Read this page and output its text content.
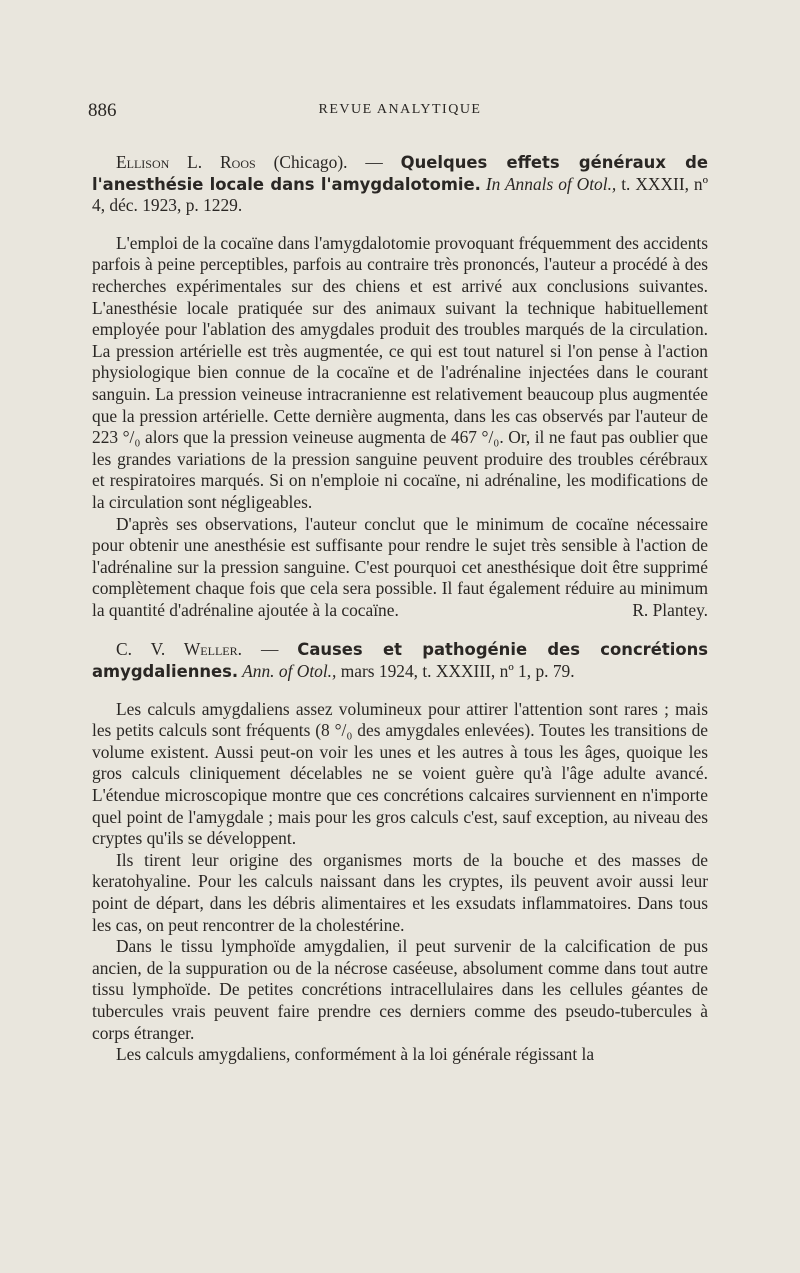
886	REVUE ANALYTIQUE
Ellison L. Roos (Chicago). — Quelques effets généraux de l'anesthésie locale dans l'amygdalotomie. In Annals of Otol., t. XXXII, nº 4, déc. 1923, p. 1229.

L'emploi de la cocaïne dans l'amygdalotomie provoquant fréquemment des accidents parfois à peine perceptibles, parfois au contraire très prononcés, l'auteur a procédé à des recherches expérimentales sur des chiens et est arrivé aux conclusions suivantes. L'anesthésie locale pratiquée sur des animaux suivant la technique habituellement employée pour l'ablation des amygdales produit des troubles marqués de la circulation. La pression artérielle est très augmentée, ce qui est tout naturel si l'on pense à l'action physiologique bien connue de la cocaïne et de l'adrénaline injectées dans le courant sanguin. La pression veineuse intracranienne est relativement beaucoup plus augmentée que la pression artérielle. Cette dernière augmenta, dans les cas observés par l'auteur de 223 °/₀ alors que la pression veineuse augmenta de 467 °/₀. Or, il ne faut pas oublier que les grandes variations de la pression sanguine peuvent produire des troubles cérébraux et respiratoires marqués. Si on n'emploie ni cocaïne, ni adrénaline, les modifications de la circulation sont négligeables.

D'après ses observations, l'auteur conclut que le minimum de cocaïne nécessaire pour obtenir une anesthésie est suffisante pour rendre le sujet très sensible à l'action de l'adrénaline sur la pression sanguine. C'est pourquoi cet anesthésique doit être supprimé complètement chaque fois que cela sera possible. Il faut également réduire au minimum la quantité d'adrénaline ajoutée à la cocaïne.	R. Plantey.

C. V. Weller. — Causes et pathogénie des concrétions amygdaliennes. Ann. of Otol., mars 1924, t. XXXIII, nº 1, p. 79.

Les calculs amygdaliens assez volumineux pour attirer l'attention sont rares ; mais les petits calculs sont fréquents (8 °/₀ des amygdales enlevées). Toutes les transitions de volume existent. Aussi peut-on voir les unes et les autres à tous les âges, quoique les gros calculs cliniquement décelables ne se voient guère qu'à l'âge adulte avancé. L'étendue microscopique montre que ces concrétions calcaires surviennent en n'importe quel point de l'amygdale ; mais pour les gros calculs c'est, sauf exception, au niveau des cryptes qu'ils se développent.

Ils tirent leur origine des organismes morts de la bouche et des masses de keratohyaline. Pour les calculs naissant dans les cryptes, ils peuvent avoir aussi leur point de départ, dans les débris alimentaires et les exsudats inflammatoires. Dans tous les cas, on peut rencontrer de la cholestérine.

Dans le tissu lymphoïde amygdalien, il peut survenir de la calcification de pus ancien, de la suppuration ou de la nécrose caséeuse, absolument comme dans tout autre tissu lymphoïde. De petites concrétions intracellulaires dans les cellules géantes de tubercules vrais peuvent faire prendre ces derniers comme des pseudo-tubercules à corps étranger.

Les calculs amygdaliens, conformément à la loi générale régissant la
